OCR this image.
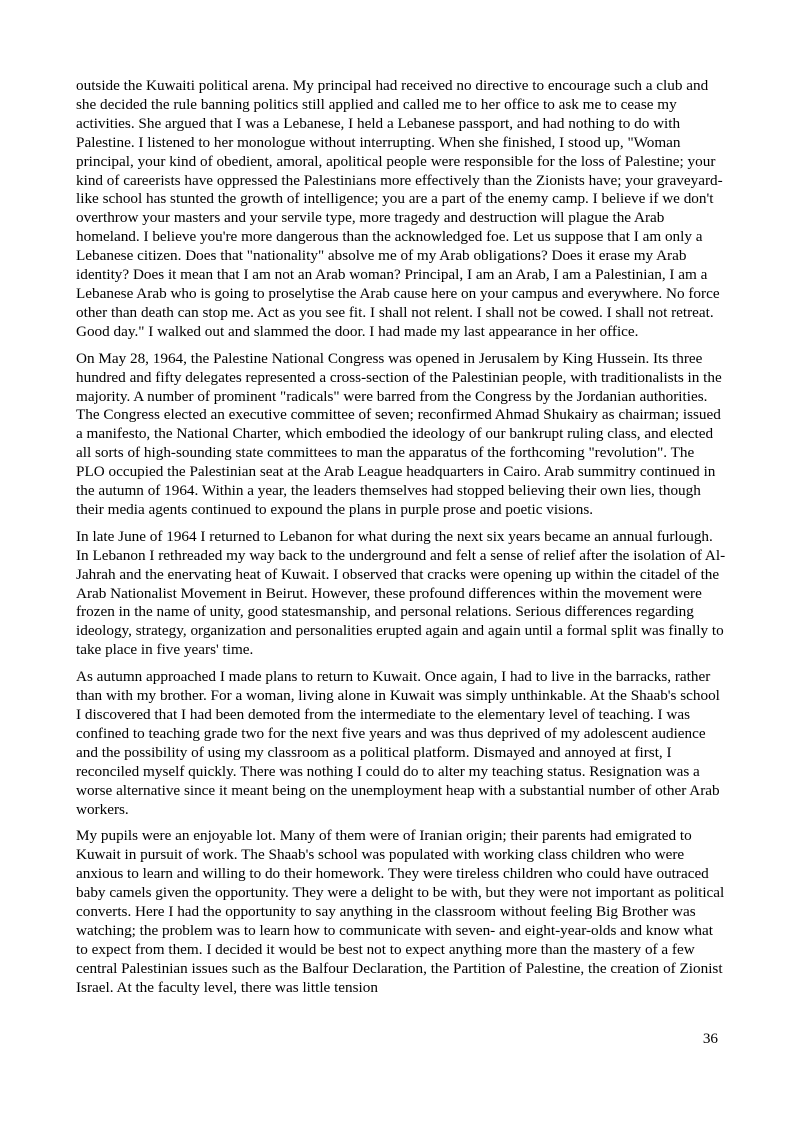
outside the Kuwaiti political arena. My principal had received no directive to encourage such a club and she decided the rule banning politics still applied and called me to her office to ask me to cease my activities. She argued that I was a Lebanese, I held a Lebanese passport, and had nothing to do with Palestine. I listened to her monologue without interrupting. When she finished, I stood up, "Woman principal, your kind of obedient, amoral, apolitical people were responsible for the loss of Palestine; your kind of careerists have oppressed the Palestinians more effectively than the Zionists have; your graveyard-like school has stunted the growth of intelligence; you are a part of the enemy camp. I believe if we don't overthrow your masters and your servile type, more tragedy and destruction will plague the Arab homeland. I believe you're more dangerous than the acknowledged foe. Let us suppose that I am only a Lebanese citizen. Does that "nationality" absolve me of my Arab obligations? Does it erase my Arab identity? Does it mean that I am not an Arab woman? Principal, I am an Arab, I am a Palestinian, I am a Lebanese Arab who is going to proselytise the Arab cause here on your campus and everywhere. No force other than death can stop me. Act as you see fit. I shall not relent. I shall not be cowed. I shall not retreat. Good day." I walked out and slammed the door. I had made my last appearance in her office.

On May 28, 1964, the Palestine National Congress was opened in Jerusalem by King Hussein. Its three hundred and fifty delegates represented a cross-section of the Palestinian people, with traditionalists in the majority. A number of prominent "radicals" were barred from the Congress by the Jordanian authorities. The Congress elected an executive committee of seven; reconfirmed Ahmad Shukairy as chairman; issued a manifesto, the National Charter, which embodied the ideology of our bankrupt ruling class, and elected all sorts of high-sounding state committees to man the apparatus of the forthcoming "revolution". The PLO occupied the Palestinian seat at the Arab League headquarters in Cairo. Arab summitry continued in the autumn of 1964. Within a year, the leaders themselves had stopped believing their own lies, though their media agents continued to expound the plans in purple prose and poetic visions.

In late June of 1964 I returned to Lebanon for what during the next six years became an annual furlough. In Lebanon I rethreaded my way back to the underground and felt a sense of relief after the isolation of Al-Jahrah and the enervating heat of Kuwait. I observed that cracks were opening up within the citadel of the Arab Nationalist Movement in Beirut. However, these profound differences within the movement were frozen in the name of unity, good statesmanship, and personal relations. Serious differences regarding ideology, strategy, organization and personalities erupted again and again until a formal split was finally to take place in five years' time.

As autumn approached I made plans to return to Kuwait. Once again, I had to live in the barracks, rather than with my brother. For a woman, living alone in Kuwait was simply unthinkable. At the Shaab's school I discovered that I had been demoted from the intermediate to the elementary level of teaching. I was confined to teaching grade two for the next five years and was thus deprived of my adolescent audience and the possibility of using my classroom as a political platform. Dismayed and annoyed at first, I reconciled myself quickly. There was nothing I could do to alter my teaching status. Resignation was a worse alternative since it meant being on the unemployment heap with a substantial number of other Arab workers.

My pupils were an enjoyable lot. Many of them were of Iranian origin; their parents had emigrated to Kuwait in pursuit of work. The Shaab's school was populated with working class children who were anxious to learn and willing to do their homework. They were tireless children who could have outraced baby camels given the opportunity. They were a delight to be with, but they were not important as political converts. Here I had the opportunity to say anything in the classroom without feeling Big Brother was watching; the problem was to learn how to communicate with seven- and eight-year-olds and know what to expect from them. I decided it would be best not to expect anything more than the mastery of a few central Palestinian issues such as the Balfour Declaration, the Partition of Palestine, the creation of Zionist Israel. At the faculty level, there was little tension

36
